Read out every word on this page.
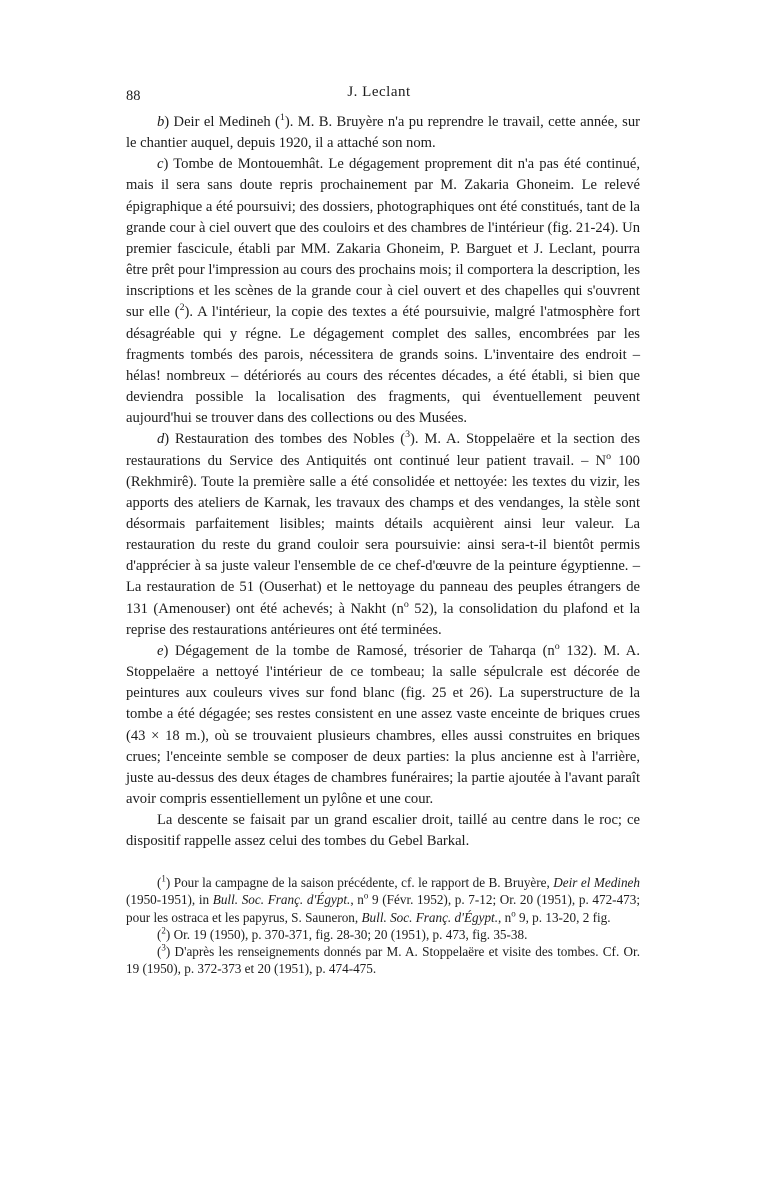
88	J. Leclant

b) Deir el Medineh ($^1$). M. B. Bruyère n'a pu reprendre le travail, cette année, sur le chantier auquel, depuis 1920, il a attaché son nom.

c) Tombe de Montouemhât. Le dégagement proprement dit n'a pas été continué, mais il sera sans doute repris prochainement par M. Zakaria Ghoneim. Le relevé épigraphique a été poursuivi; des dossiers, photographiques ont été constitués, tant de la grande cour à ciel ouvert que des couloirs et des chambres de l'intérieur (fig. 21-24). Un premier fascicule, établi par MM. Zakaria Ghoneim, P. Barguet et J. Leclant, pourra être prêt pour l'impression au cours des prochains mois; il comportera la description, les inscriptions et les scènes de la grande cour à ciel ouvert et des chapelles qui s'ouvrent sur elle ($^2$). A l'intérieur, la copie des textes a été poursuivie, malgré l'atmosphère fort désagréable qui y régne. Le dégagement complet des salles, encombrées par les fragments tombés des parois, nécessitera de grands soins. L'inventaire des endroit – hélas! nombreux – détériorés au cours des récentes décades, a été établi, si bien que deviendra possible la localisation des fragments, qui éventuellement peuvent aujourd'hui se trouver dans des collections ou des Musées.

d) Restauration des tombes des Nobles ($^3$). M. A. Stoppelaëre et la section des restaurations du Service des Antiquités ont continué leur patient travail. – $N^o$ 100 (Rekhmirê). Toute la première salle a été consolidée et nettoyée: les textes du vizir, les apports des ateliers de Karnak, les travaux des champs et des vendanges, la stèle sont désormais parfaitement lisibles; maints détails acquièrent ainsi leur valeur. La restauration du reste du grand couloir sera poursuivie: ainsi sera-t-il bientôt permis d'apprécier à sa juste valeur l'ensemble de ce chef-d'œuvre de la peinture égyptienne. – La restauration de 51 (Ouserhat) et le nettoyage du panneau des peuples étrangers de 131 (Amenouser) ont été achevés; à Nakht ($n^o$ 52), la consolidation du plafond et la reprise des restaurations antérieures ont été terminées.

e) Dégagement de la tombe de Ramosé, trésorier de Taharqa ($n^o$ 132). M. A. Stoppelaëre a nettoyé l'intérieur de ce tombeau; la salle sépulcrale est décorée de peintures aux couleurs vives sur fond blanc (fig. 25 et 26). La superstructure de la tombe a été dégagée; ses restes consistent en une assez vaste enceinte de briques crues (43 × 18 m.), où se trouvaient plusieurs chambres, elles aussi construites en briques crues; l'enceinte semble se composer de deux parties: la plus ancienne est à l'arrière, juste au-dessus des deux étages de chambres funéraires; la partie ajoutée à l'avant paraît avoir compris essentiellement un pylône et une cour.

La descente se faisait par un grand escalier droit, taillé au centre dans le roc; ce dispositif rappelle assez celui des tombes du Gebel Barkal.

($^1$) Pour la campagne de la saison précédente, cf. le rapport de B. Bruyère, Deir el Medineh (1950-1951), in Bull. Soc. Franç. d'Égypt., $n^o$ 9 (Févr. 1952), p. 7-12; Or. 20 (1951), p. 472-473; pour les ostraca et les papyrus, S. Sauneron, Bull. Soc. Franç. d'Égypt., $n^o$ 9, p. 13-20, 2 fig.

($^2$) Or. 19 (1950), p. 370-371, fig. 28-30; 20 (1951), p. 473, fig. 35-38.

($^3$) D'après les renseignements donnés par M. A. Stoppelaëre et visite des tombes. Cf. Or. 19 (1950), p. 372-373 et 20 (1951), p. 474-475.
